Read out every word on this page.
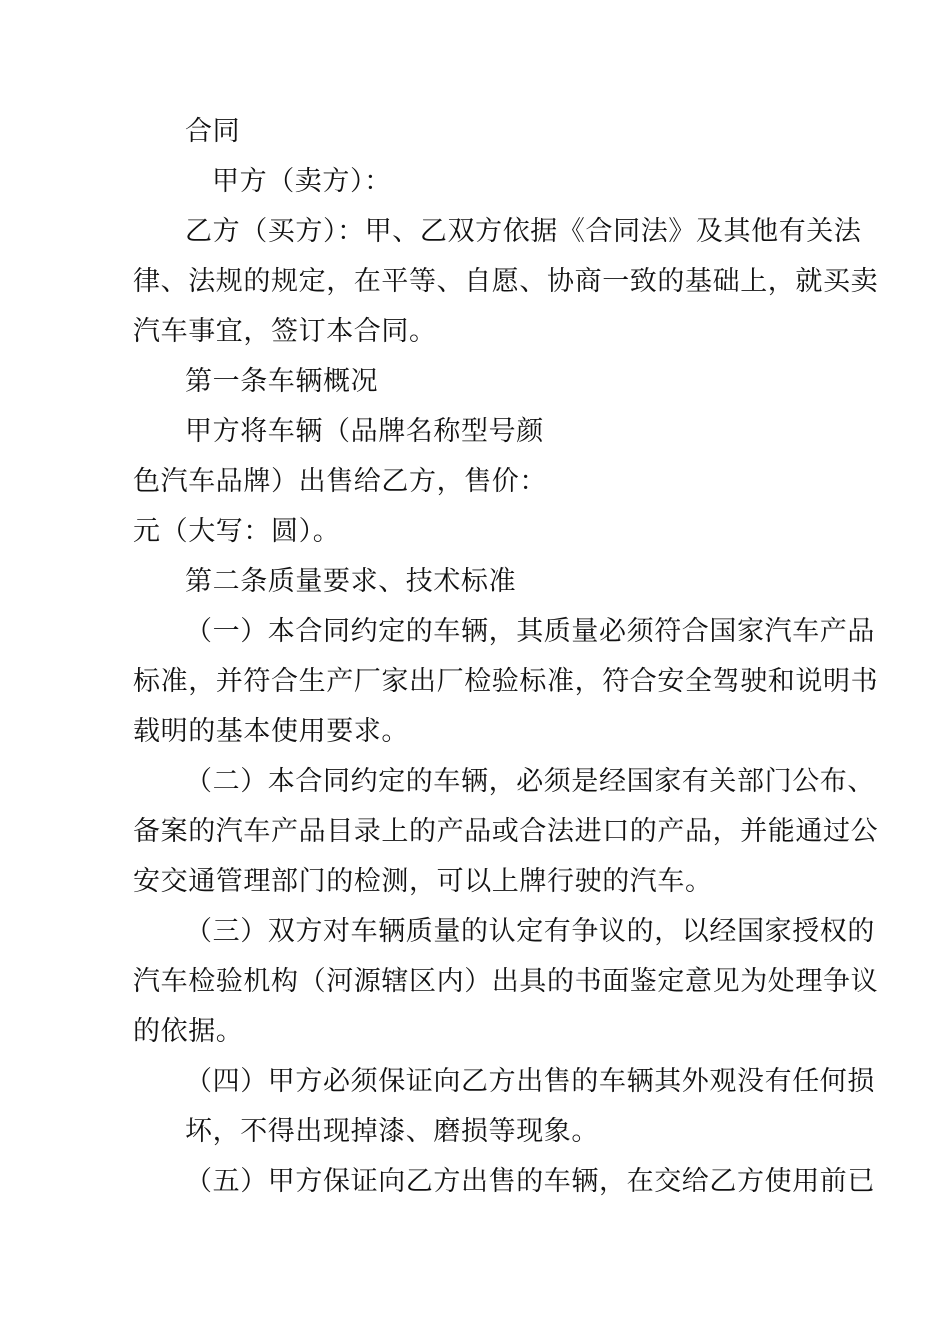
合同
甲方（卖方）：
乙方（买方）：甲、乙双方依据《合同法》及其他有关法
律、法规的规定，在平等、自愿、协商一致的基础上，就买卖
汽车事宜，签订本合同。
第一条车辆概况
甲方将车辆（品牌名称型号颜
色汽车品牌）出售给乙方，售价：
元（大写：圆）。
第二条质量要求、技术标准
（一）本合同约定的车辆，其质量必须符合国家汽车产品
标准，并符合生产厂家出厂检验标准，符合安全驾驶和说明书
载明的基本使用要求。
（二）本合同约定的车辆，必须是经国家有关部门公布、
备案的汽车产品目录上的产品或合法进口的产品，并能通过公
安交通管理部门的检测，可以上牌行驶的汽车。
（三）双方对车辆质量的认定有争议的，以经国家授权的
汽车检验机构（河源辖区内）出具的书面鉴定意见为处理争议
的依据。
（四）甲方必须保证向乙方出售的车辆其外观没有任何损
坏，不得出现掉漆、磨损等现象。
（五）甲方保证向乙方出售的车辆，在交给乙方使用前已
